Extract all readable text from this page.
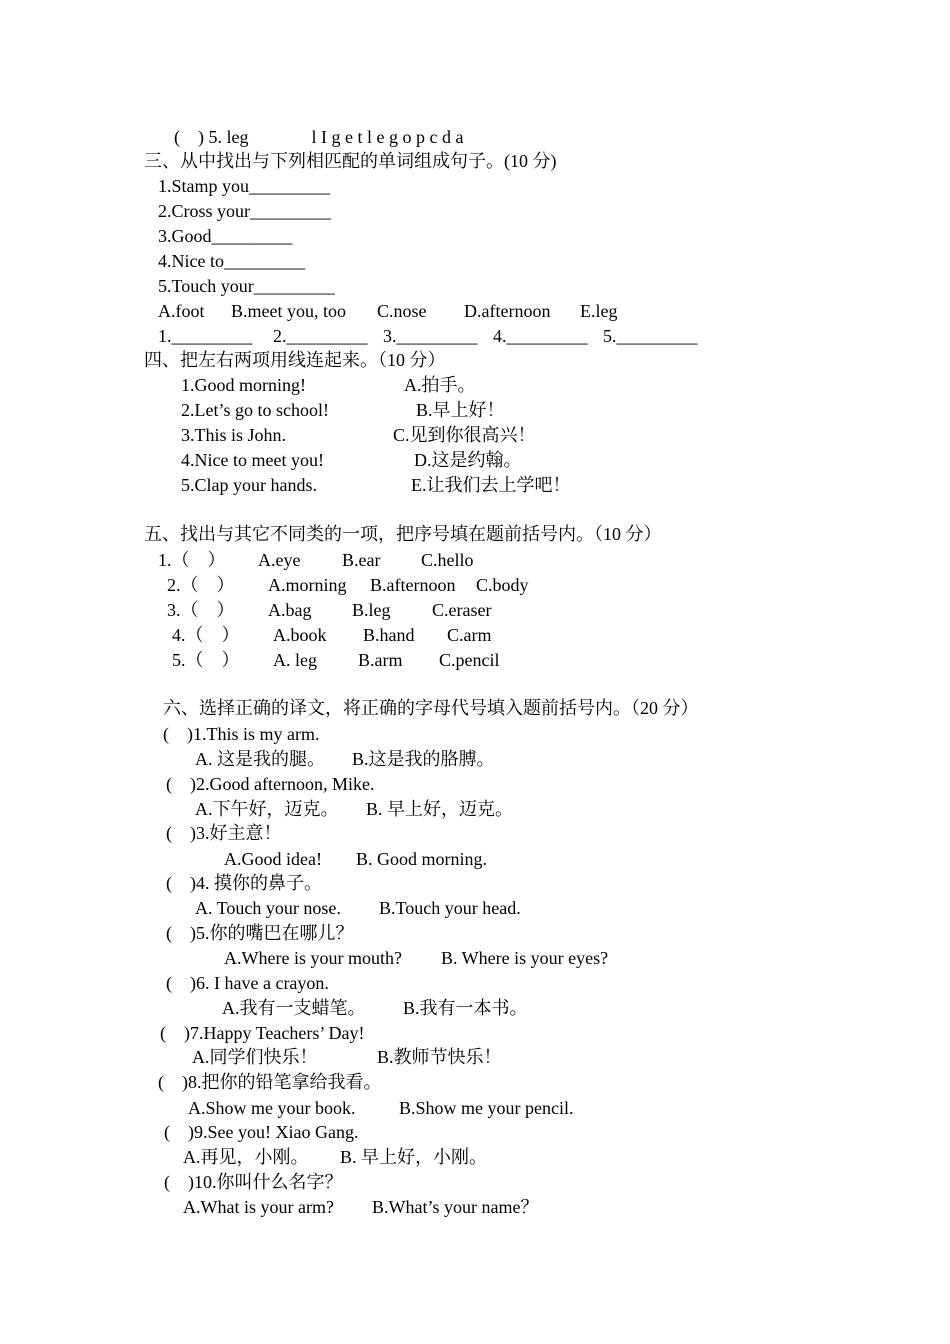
(    ) 5. leg              l I g e t l e g o p c d a
三、从中找出与下列相匹配的单词组成句子。(10 分)
1.Stamp you_________
2.Cross your_________
3.Good_________
4.Nice to_________
5.Touch your_________
A.foot B.meet you, too C.nose D.afternoon E.leg
1._________ 2._________ 3._________ 4._________ 5._________
四、把左右两项用线连起来。（10 分）
1.Good morning!	A.拍手。
2.Let’s go to school!	B.早上好！
3.This is John.	C.见到你很高兴！
4.Nice to meet you!	D.这是约翰。
5.Clap your hands.	E.让我们去上学吧！
五、找出与其它不同类的一项，把序号填在题前括号内。（10 分）
1.（    ） A.eye B.ear C.hello
2.（    ） A.morning B.afternoon C.body
3.（    ） A.bag B.leg C.eraser
4.（    ） A.book B.hand C.arm
5.（    ） A. leg B.arm C.pencil
六、选择正确的译文，将正确的字母代号填入题前括号内。（20 分）
(    )1.This is my arm.
A. 这是我的腿。 B.这是我的胳膊。
(    )2.Good afternoon, Mike.
A.下午好，迈克。 B. 早上好，迈克。
(    )3.好主意！
A.Good idea! B. Good morning.
(    )4. 摸你的鼻子。
A. Touch your nose. B.Touch your head.
(    )5.你的嘴巴在哪儿？
A.Where is your mouth? B. Where is your eyes?
(    )6. I have a crayon.
A.我有一支蜡笔。 B.我有一本书。
(    )7.Happy Teachers’ Day!
A.同学们快乐！	B.教师节快乐！
(    )8.把你的铅笔拿给我看。
A.Show me your book. B.Show me your pencil.
(    )9.See you! Xiao Gang.
A.再见，小刚。 B. 早上好，小刚。
(    )10.你叫什么名字？
A.What is your arm? B.What’s your name？
